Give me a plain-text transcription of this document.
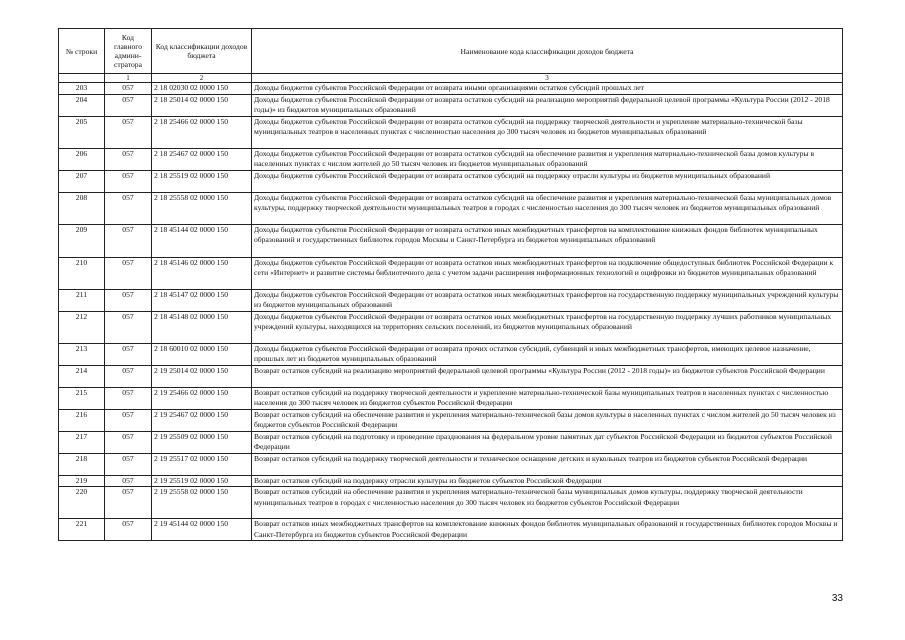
№ строки	Код главного админи-стратора	Код классификации доходов бюджета	Наименование кода классификации доходов бюджета
	1	2	3
203	057	2 18 02030 02 0000 150	Доходы бюджетов субъектов Российской Федерации от возврата иными организациями остатков субсидий прошлых лет
204	057	2 18 25014 02 0000 150	Доходы бюджетов субъектов Российской Федерации от возврата остатков субсидий на реализацию мероприятий федеральной целевой программы «Культура России (2012 - 2018 годы)» из бюджетов муниципальных образований
205	057	2 18 25466 02 0000 150	Доходы бюджетов субъектов Российской Федерации от возврата остатков субсидий на поддержку творческой деятельности и укрепление материально-технической базы муниципальных театров в населенных пунктах с численностью населения до 300 тысяч человек из бюджетов муниципальных образований
206	057	2 18 25467 02 0000 150	Доходы бюджетов субъектов Российской Федерации от возврата остатков субсидий на обеспечение развития и укрепления материально-технической базы домов культуры в населенных пунктах с числом жителей до 50 тысяч человек из бюджетов муниципальных образований
207	057	2 18 25519 02 0000 150	Доходы бюджетов субъектов Российской Федерации от возврата остатков субсидий на поддержку отрасли культуры из бюджетов муниципальных образований
208	057	2 18 25558 02 0000 150	Доходы бюджетов субъектов Российской Федерации от возврата остатков субсидий на обеспечение развития и укрепления материально-технической базы муниципальных домов культуры, поддержку творческой деятельности муниципальных театров в городах с численностью населения до 300 тысяч человек из бюджетов муниципальных образований
209	057	2 18 45144 02 0000 150	Доходы бюджетов субъектов Российской Федерации от возврата остатков иных межбюджетных трансфертов на комплектование книжных фондов библиотек муниципальных образований и государственных библиотек городов Москвы и Санкт-Петербурга из бюджетов муниципальных образований
210	057	2 18 45146 02 0000 150	Доходы бюджетов субъектов Российской Федерации от возврата остатков иных межбюджетных трансфертов на подключение общедоступных библиотек Российской Федерации к сети «Интернет» и развитие системы библиотечного дела с учетом задачи расширения информационных технологий и оцифровки из бюджетов муниципальных образований
211	057	2 18 45147 02 0000 150	Доходы бюджетов субъектов Российской Федерации от возврата остатков иных межбюджетных трансфертов на государственную поддержку муниципальных учреждений культуры из бюджетов муниципальных образований
212	057	2 18 45148 02 0000 150	Доходы бюджетов субъектов Российской Федерации от возврата остатков иных межбюджетных трансфертов на государственную поддержку лучших работников муниципальных учреждений культуры, находящихся на территориях сельских поселений, из бюджетов муниципальных образований
213	057	2 18 60010 02 0000 150	Доходы бюджетов субъектов Российской Федерации от возврата прочих остатков субсидий, субвенций и иных межбюджетных трансфертов, имеющих целевое назначение, прошлых лет из бюджетов муниципальных образований
214	057	2 19 25014 02 0000 150	Возврат остатков субсидий на реализацию мероприятий федеральной целевой программы «Культура России (2012 - 2018 годы)» из бюджетов субъектов Российской Федерации
215	057	2 19 25466 02 0000 150	Возврат остатков субсидий на поддержку творческой деятельности и укрепление материально-технической базы муниципальных театров в населенных пунктах с численностью населения до 300 тысяч человек из бюджетов субъектов Российской Федерации
216	057	2 19 25467 02 0000 150	Возврат остатков субсидий на обеспечение развития и укрепления материально-технической базы домов культуры в населенных пунктах с числом жителей до 50 тысяч человек из бюджетов субъектов Российской Федерации
217	057	2 19 25509 02 0000 150	Возврат остатков субсидий на подготовку и проведение празднования на федеральном уровне памятных дат субъектов Российской Федерации из бюджетов субъектов Российской Федерации
218	057	2 19 25517 02 0000 150	Возврат остатков субсидий на поддержку творческой деятельности и техническое оснащение детских и кукольных театров из бюджетов субъектов Российской Федерации
219	057	2 19 25519 02 0000 150	Возврат остатков субсидий на поддержку отрасли культуры из бюджетов субъектов Российской Федерации
220	057	2 19 25558 02 0000 150	Возврат остатков субсидий на обеспечение развития и укрепления материально-технической базы муниципальных домов культуры, поддержку творческой деятельности муниципальных театров в городах с численностью населения до 300 тысяч человек из бюджетов субъектов Российской Федерации
221	057	2 19 45144 02 0000 150	Возврат остатков иных межбюджетных трансфертов на комплектование книжных фондов библиотек муниципальных образований и государственных библиотек городов Москвы и Санкт-Петербурга из бюджетов субъектов Российской Федерации
33
